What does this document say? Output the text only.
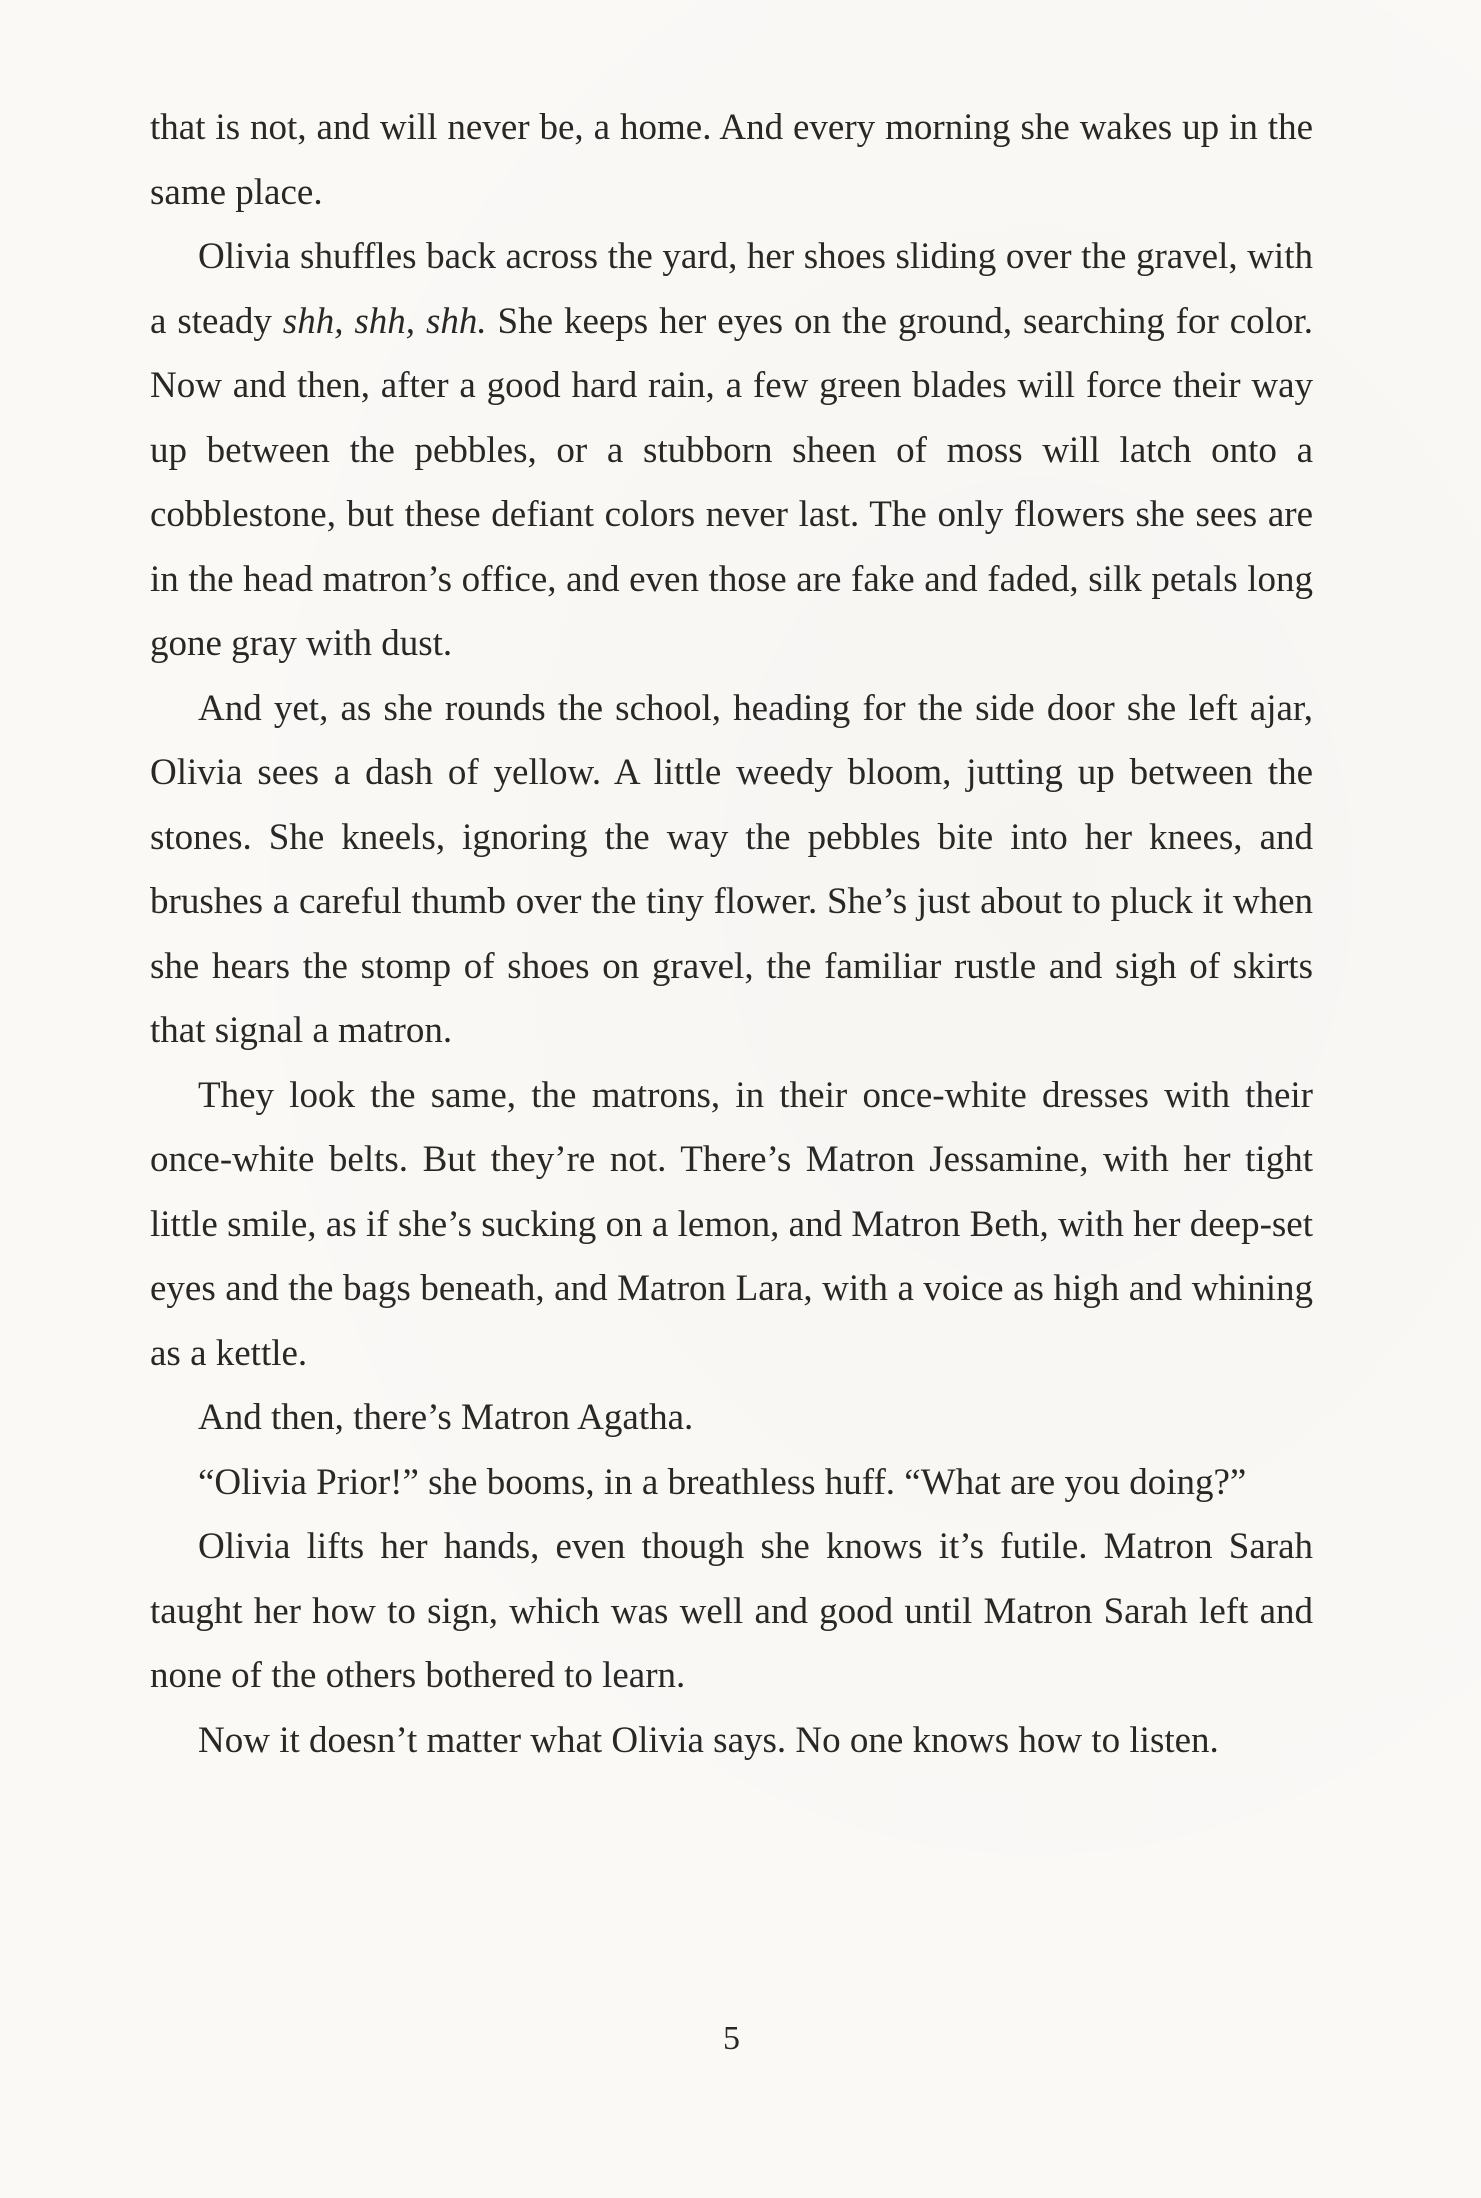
that is not, and will never be, a home. And every morning she wakes up in the same place.

Olivia shuffles back across the yard, her shoes sliding over the gravel, with a steady shh, shh, shh. She keeps her eyes on the ground, searching for color. Now and then, after a good hard rain, a few green blades will force their way up between the pebbles, or a stubborn sheen of moss will latch onto a cobblestone, but these defiant colors never last. The only flowers she sees are in the head matron’s office, and even those are fake and faded, silk petals long gone gray with dust.

And yet, as she rounds the school, heading for the side door she left ajar, Olivia sees a dash of yellow. A little weedy bloom, jutting up between the stones. She kneels, ignoring the way the pebbles bite into her knees, and brushes a careful thumb over the tiny flower. She’s just about to pluck it when she hears the stomp of shoes on gravel, the familiar rustle and sigh of skirts that signal a matron.

They look the same, the matrons, in their once-white dresses with their once-white belts. But they’re not. There’s Matron Jessamine, with her tight little smile, as if she’s sucking on a lemon, and Matron Beth, with her deep-set eyes and the bags beneath, and Matron Lara, with a voice as high and whining as a kettle.

And then, there’s Matron Agatha.

“Olivia Prior!” she booms, in a breathless huff. “What are you doing?”

Olivia lifts her hands, even though she knows it’s futile. Matron Sarah taught her how to sign, which was well and good until Matron Sarah left and none of the others bothered to learn.

Now it doesn’t matter what Olivia says. No one knows how to listen.

5
